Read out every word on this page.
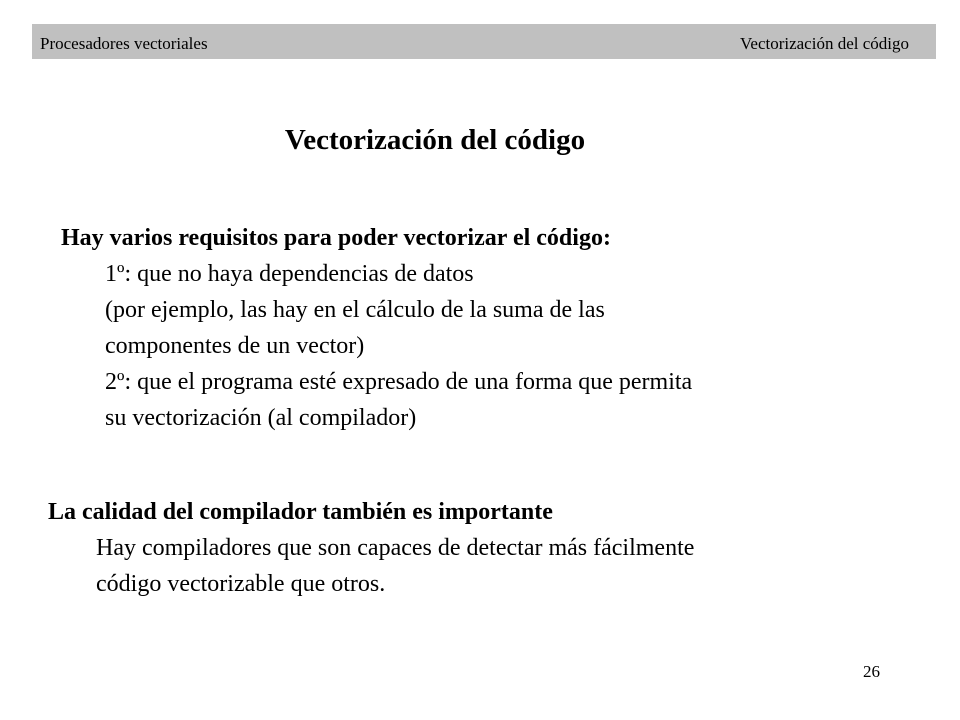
Procesadores vectoriales	Vectorización del código
Vectorización del código

Hay varios requisitos para poder vectorizar el código:

1º: que no haya dependencias de datos
(por ejemplo, las hay en el cálculo de la suma de las
componentes de un vector)
2º: que el programa esté expresado de una forma que permita
su vectorización (al compilador)

La calidad del compilador también es importante

Hay compiladores que son capaces de detectar más fácilmente
código vectorizable que otros.
26
